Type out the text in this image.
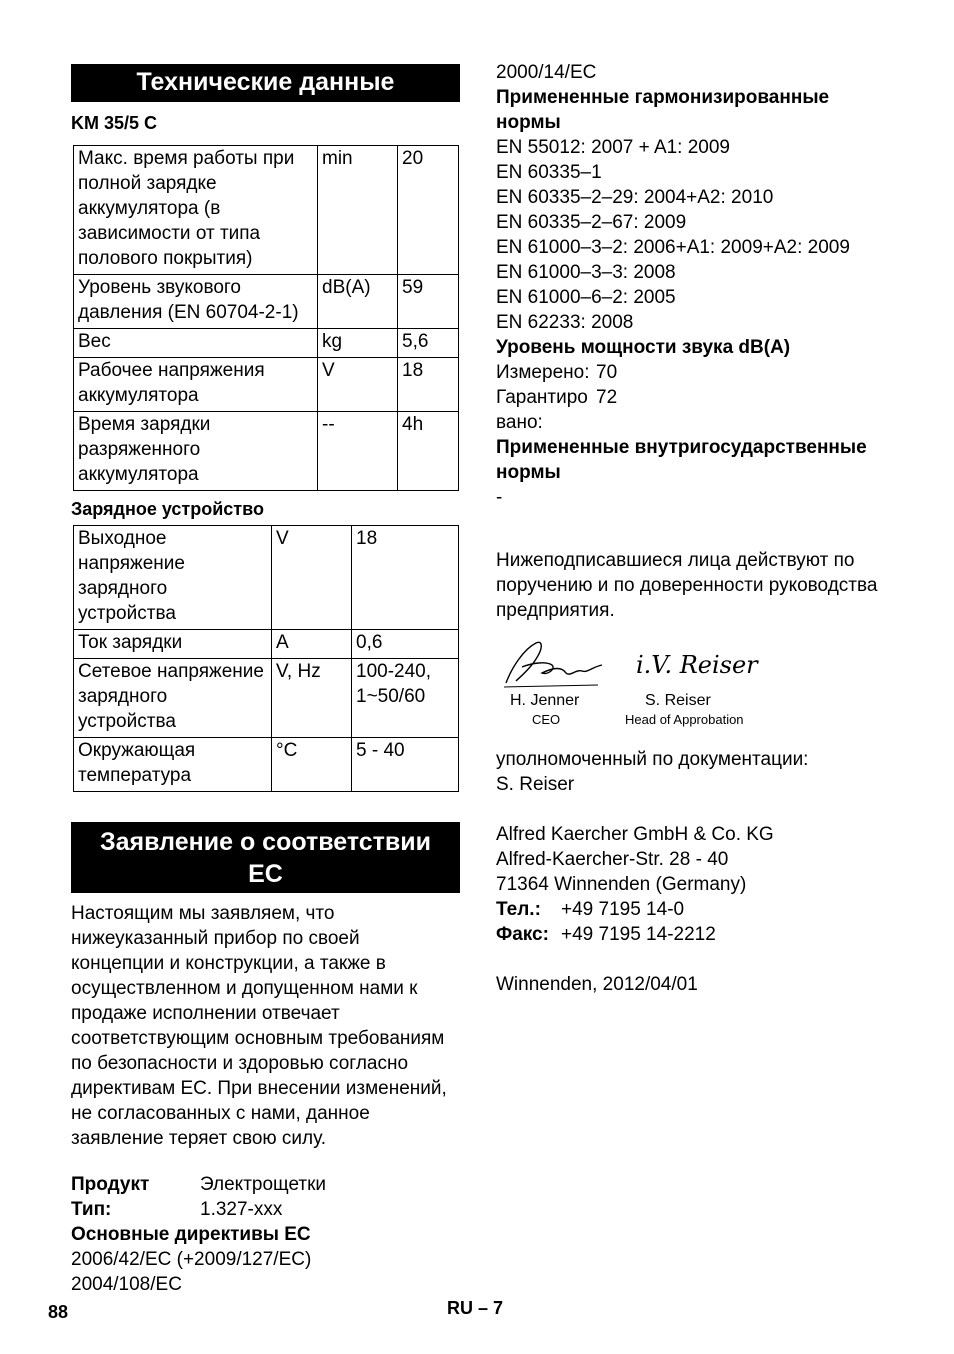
Технические данные
KM 35/5 C
Макс. время работы при полной зарядке аккумулятора (в зависимости от типа полового покрытия)	min	20
Уровень звукового давления (EN 60704-2-1)	dB(A)	59
Вес	kg	5,6
Рабочее напряжения аккумулятора	V	18
Время зарядки разряженного аккумулятора	--	4h
Зарядное устройство
Выходное напряжение зарядного устройства	V	18
Ток зарядки	A	0,6
Сетевое напряжение зарядного устройства	V, Hz	100-240, 1~50/60
Окружающая температура	°C	5 - 40
Заявление о соответствии
ЕС

Настоящим мы заявляем, что нижеуказанный прибор по своей концепции и конструкции, а также в осуществленном и допущенном нами к продаже исполнении отвечает соответствующим основным требованиям по безопасности и здоровью согласно директивам ЕС. При внесении изменений, не согласованных с нами, данное заявление теряет свою силу.

Продукт	Электрощетки
Тип:	1.327-xxx
Основные директивы ЕС
2006/42/EC (+2009/127/EC)
2004/108/EC
2000/14/EC
Примененные гармонизированные нормы
EN 55012: 2007 + A1: 2009
EN 60335–1
EN 60335–2–29: 2004+A2: 2010
EN 60335–2–67: 2009
EN 61000–3–2: 2006+A1: 2009+A2: 2009
EN 61000–3–3: 2008
EN 61000–6–2: 2005
EN 62233: 2008
Уровень мощности звука dB(A)
Измерено: 70
Гарантировано:
72
Примененные внутригосударственные нормы
-

Нижеподписавшиеся лица действуют по поручению и по доверенности руководства предприятия.

i.V. Reiser
H. Jenner
CEO
S. Reiser
Head of Approbation
уполномоченный по документации:
S. Reiser
Alfred Kaercher GmbH & Co. KG
Alfred-Kaercher-Str. 28 - 40
71364 Winnenden (Germany)
Тел.:	+49 7195 14-0
Факс: +49 7195 14-2212
Winnenden, 2012/04/01
88	RU – 7
